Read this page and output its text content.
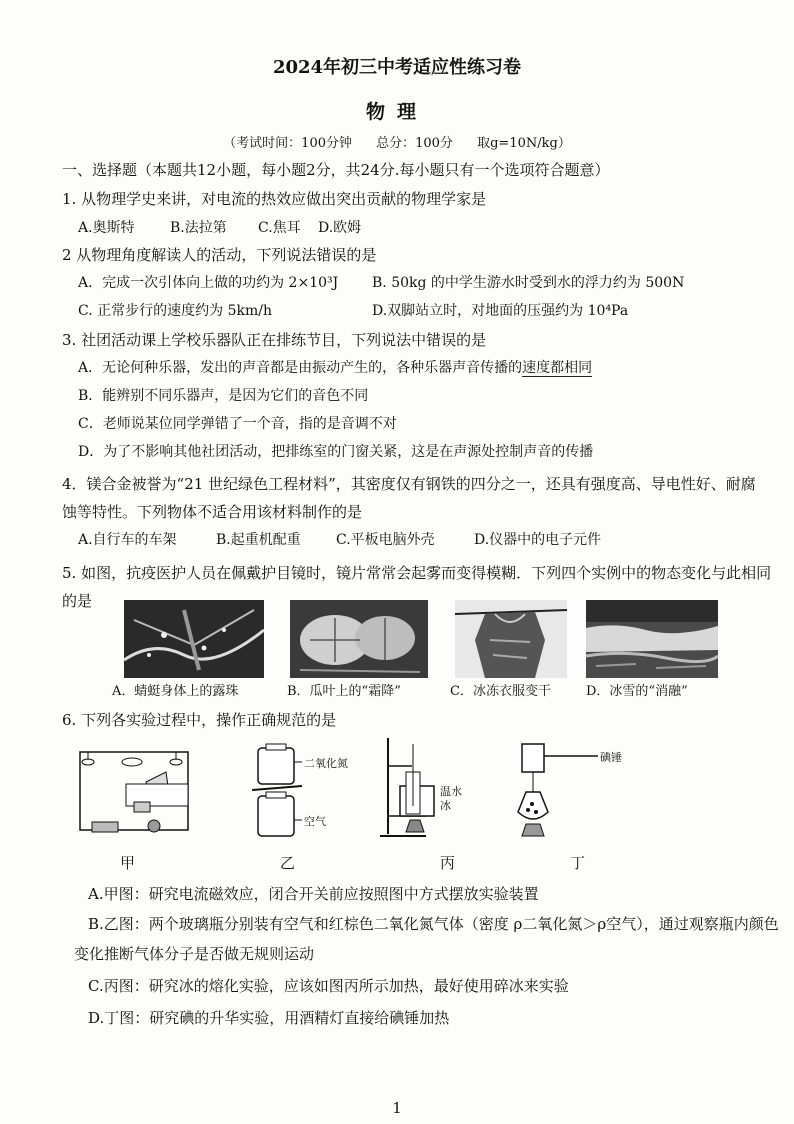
2024年初三中考适应性练习卷
物理
（考试时间：100分钟 总分：100分 取g=10N/kg）
一、选择题（本题共12小题，每小题2分，共24分.每小题只有一个选项符合题意）
1. 从物理学史来讲，对电流的热效应做出突出贡献的物理学家是
A.奥斯特	B.法拉第 C.焦耳 D.欧姆
2 从物理角度解读人的活动，下列说法错误的是
A．完成一次引体向上做的功约为 2×10³J B. 50kg 的中学生游水时受到水的浮力约为 500N
C. 正常步行的速度约为 5km/h	D.双脚站立时，对地面的压强约为 10⁴Pa
3. 社团活动课上学校乐器队正在排练节目，下列说法中错误的是
A．无论何种乐器，发出的声音都是由振动产生的，各种乐器声音传播的速度都相同
B．能辨别不同乐器声，是因为它们的音色不同
C．老师说某位同学弹错了一个音，指的是音调不对
D．为了不影响其他社团活动，把排练室的门窗关紧，这是在声源处控制声音的传播
4．镁合金被誉为“21 世纪绿色工程材料”，其密度仅有钢铁的四分之一，还具有强度高、导电性好、耐腐
蚀等特性。下列物体不适合用该材料制作的是
A.自行车的车架	B.起重机配重	C.平板电脑外壳	D.仪器中的电子元件
5. 如图，抗疫医护人员在佩戴护目镜时，镜片常常会起雾而变得模糊．下列四个实例中的物态变化与此相同
的是
A．蜻蜓身体上的露珠	B．瓜叶上的“霜降”	C．冰冻衣服变干	D．冰雪的“消融”
6. 下列各实验过程中，操作正确规范的是
甲
二氧化氮
空气
乙
温水
冰
丙
碘锤
丁
A.甲图：研究电流磁效应，闭合开关前应按照图中方式摆放实验装置
B.乙图：两个玻璃瓶分别装有空气和红棕色二氧化氮气体（密度 ρ二氧化氮＞ρ空气），通过观察瓶内颜色
变化推断气体分子是否做无规则运动
C.丙图：研究冰的熔化实验，应该如图丙所示加热，最好使用碎冰来实验
D.丁图：研究碘的升华实验，用酒精灯直接给碘锤加热
1
